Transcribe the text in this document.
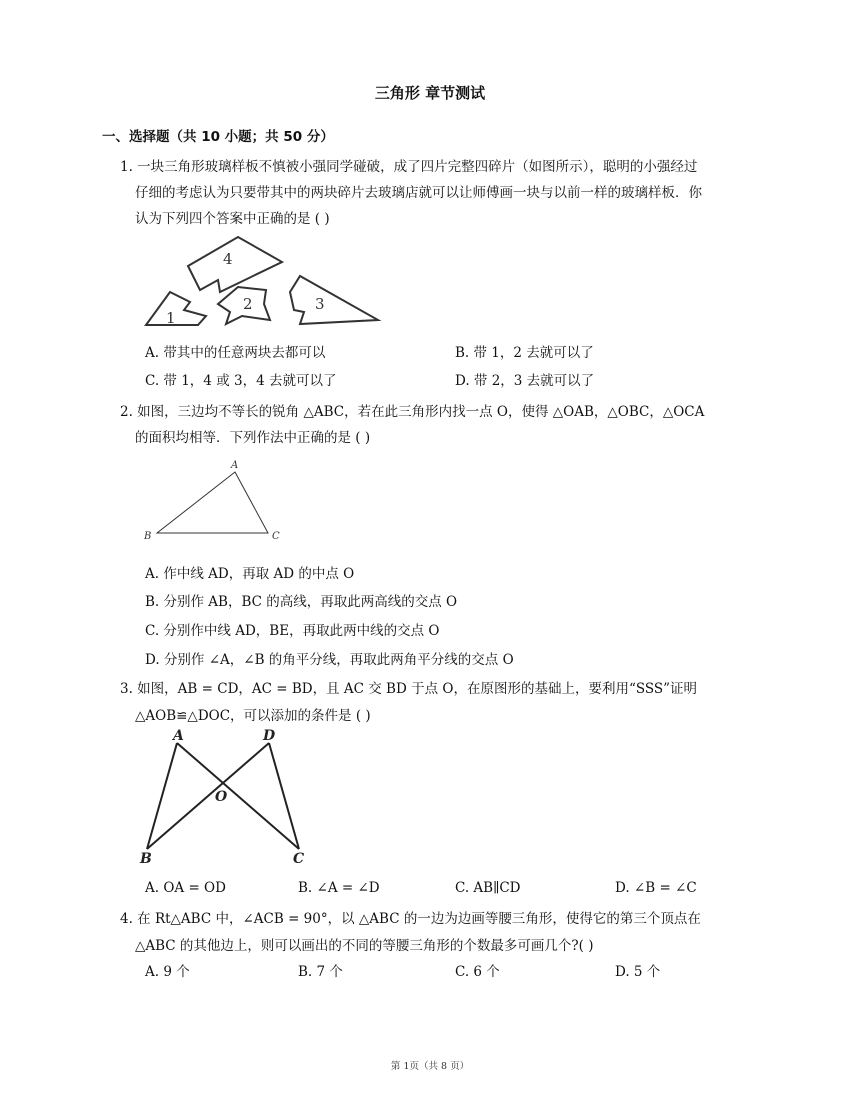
三角形 章节测试
一、选择题（共 10 小题；共 50 分）
1. 一块三角形玻璃样板不慎被小强同学碰破，成了四片完整四碎片（如图所示），聪明的小强经过
仔细的考虑认为只要带其中的两块碎片去玻璃店就可以让师傅画一块与以前一样的玻璃样板．你
认为下列四个答案中正确的是 ( )
4
1
2	3
A. 带其中的任意两块去都可以	B. 带 1，2 去就可以了
C. 带 1，4 或 3，4 去就可以了	D. 带 2，3 去就可以了
2. 如图，三边均不等长的锐角 △ABC，若在此三角形内找一点 O，使得 △OAB，△OBC，△OCA
的面积均相等．下列作法中正确的是 ( )
A
B	C
A. 作中线 AD，再取 AD 的中点 O
B. 分别作 AB，BC 的高线，再取此两高线的交点 O
C. 分别作中线 AD，BE，再取此两中线的交点 O
D. 分别作 ∠A，∠B 的角平分线，再取此两角平分线的交点 O
3. 如图，AB = CD，AC = BD，且 AC 交 BD 于点 O，在原图形的基础上，要利用“SSS”证明
△AOB≌△DOC，可以添加的条件是 ( )
A	D
O
B	C
A. OA = OD	B. ∠A = ∠D	C. AB∥CD	D. ∠B = ∠C
4. 在 Rt△ABC 中，∠ACB = 90°，以 △ABC 的一边为边画等腰三角形，使得它的第三个顶点在
△ABC 的其他边上，则可以画出的不同的等腰三角形的个数最多可画几个?( )
A. 9 个	B. 7 个	C. 6 个	D. 5 个
第 1页（共 8 页）
